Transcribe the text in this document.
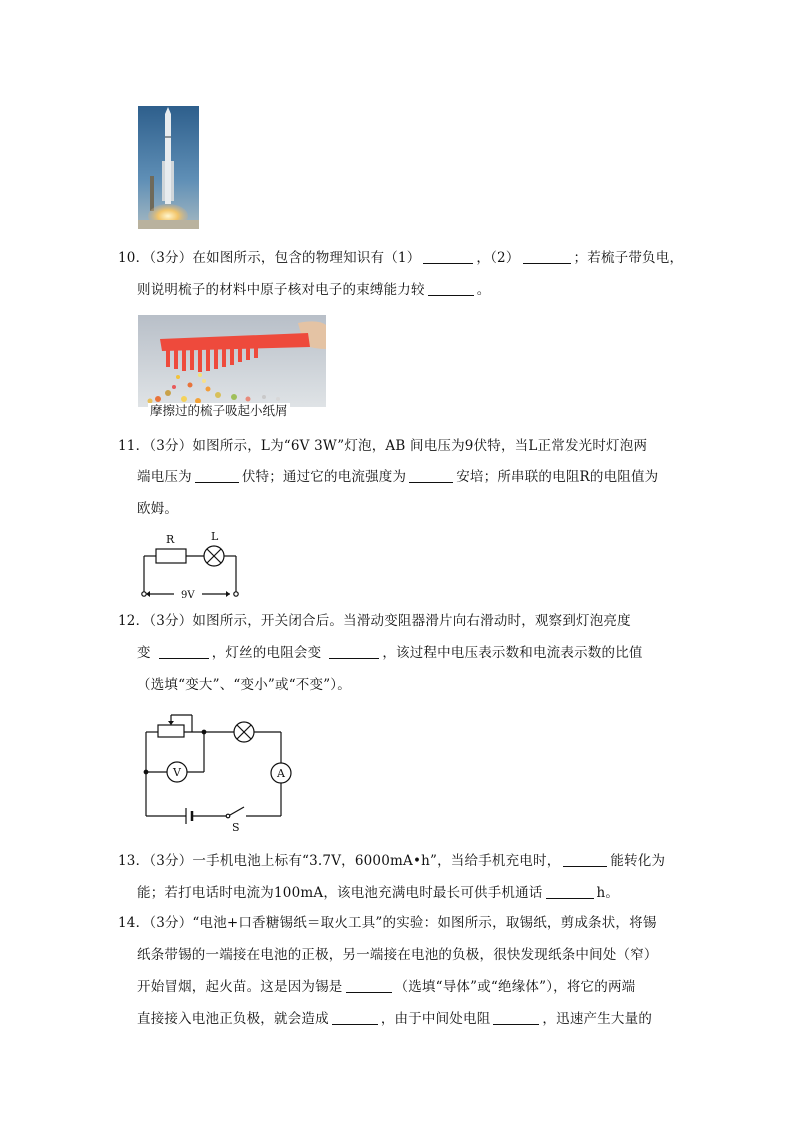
10．（3分）在如图所示，包含的物理知识有（1）	，（2）	；若梳子带负电，
则说明梳子的材料中原子核对电子的束缚能力较	。
摩擦过的梳子吸起小纸屑
11．（3分）如图所示，L为“6V 3W”灯泡，AB 间电压为9伏特，当L正常发光时灯泡两
端电压为	伏特；通过它的电流强度为	安培；所串联的电阻R的电阻值为
欧姆。
R	L
9V
12．（3分）如图所示，开关闭合后。当滑动变阻器滑片向右滑动时，观察到灯泡亮度
变	，灯丝的电阻会变	，该过程中电压表示数和电流表示数的比值
（选填“变大”、“变小”或“不变”）。
V	A
S
13．（3分）一手机电池上标有“3.7V，6000mA•h”，当给手机充电时，	能转化为
能；若打电话时电流为100mA，该电池充满电时最长可供手机通话	h。
14．（3分）“电池+口香糖锡纸＝取火工具”的实验：如图所示，取锡纸，剪成条状，将锡
纸条带锡的一端接在电池的正极，另一端接在电池的负极，很快发现纸条中间处（窄）
开始冒烟，起火苗。这是因为锡是	（选填“导体”或“绝缘体”），将它的两端
直接接入电池正负极，就会造成	，由于中间处电阻	，迅速产生大量的
